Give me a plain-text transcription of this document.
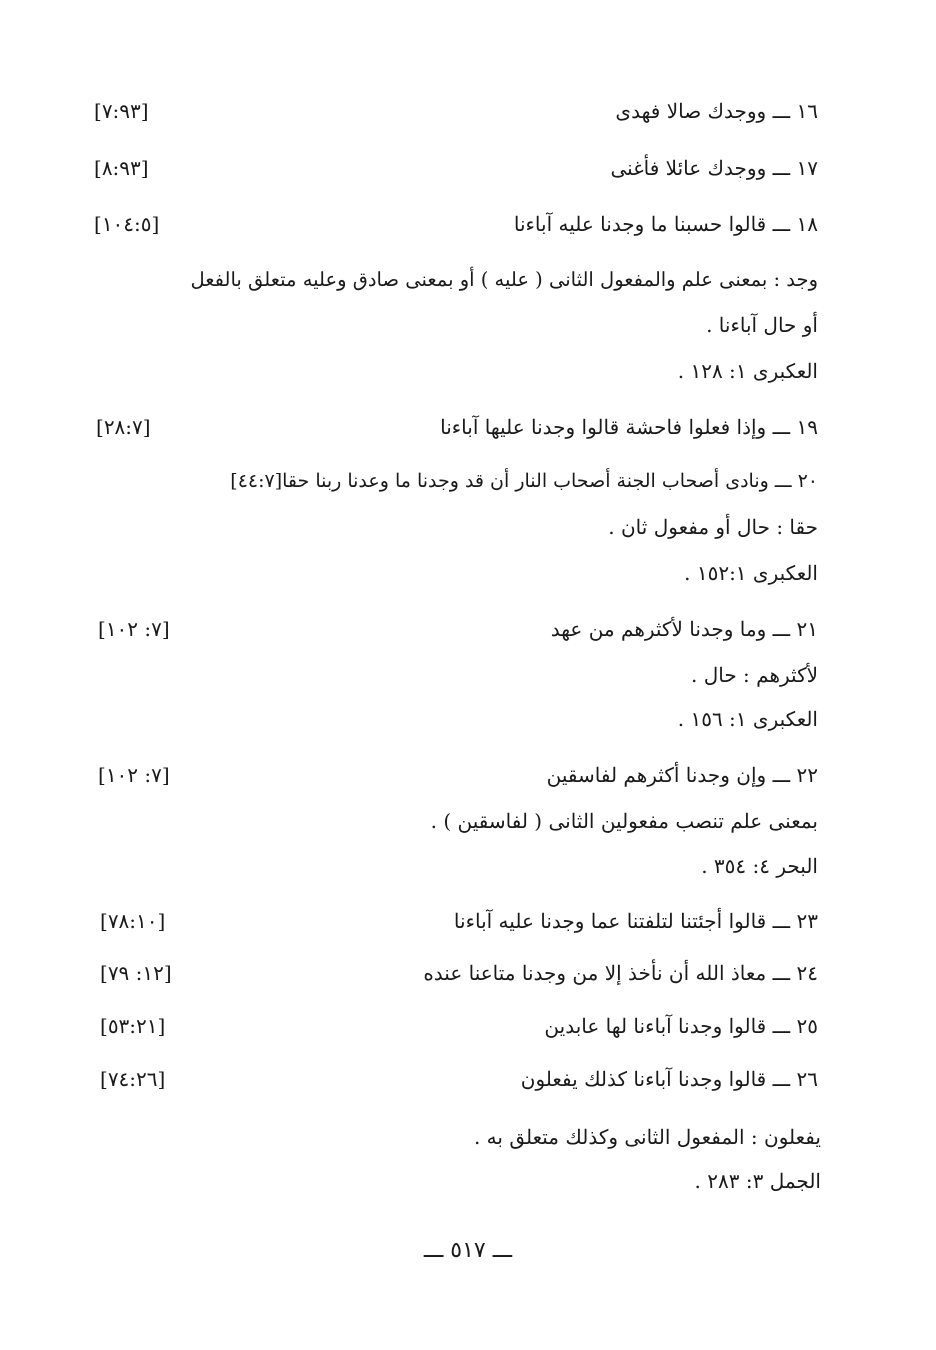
١٦ ـــ ووجدك صالا فهدى
[٧:٩٣]
١٧ ـــ ووجدك عائلا فأغنى
[٨:٩٣]
١٨ ـــ قالوا حسبنا ما وجدنا عليه آباءنا
[١٠٤:٥]
وجد : بمعنى علم والمفعول الثانى ( عليه ) أو بمعنى صادق وعليه متعلق بالفعل
أو حال آباءنا .
العكبرى ١: ١٢٨ .
١٩ ـــ وإذا فعلوا فاحشة قالوا وجدنا عليها آباءنا
[٢٨:٧]
٢٠ ـــ ونادى أصحاب الجنة أصحاب النار أن قد وجدنا ما وعدنا ربنا حقا[٤٤:٧]
حقا : حال أو مفعول ثان .
العكبرى ١٥٢:١ .
٢١ ـــ وما وجدنا لأكثرهم من عهد
[٧: ١٠٢]
لأكثرهم : حال .
العكبرى ١: ١٥٦ .
٢٢ ـــ وإن وجدنا أكثرهم لفاسقين
[٧: ١٠٢]
بمعنى علم تنصب مفعولين الثانى ( لفاسقين ) .
البحر ٤: ٣٥٤ .
٢٣ ـــ قالوا أجئتنا لتلفتنا عما وجدنا عليه آباءنا
[٧٨:١٠]
٢٤ ـــ معاذ الله أن نأخذ إلا من وجدنا متاعنا عنده
[١٢: ٧٩]
٢٥ ـــ قالوا وجدنا آباءنا لها عابدين
[٥٣:٢١]
٢٦ ـــ قالوا وجدنا آباءنا كذلك يفعلون
[٧٤:٢٦]
يفعلون : المفعول الثانى وكذلك متعلق به .
الجمل ٣: ٢٨٣ .
ـــ ٥١٧ ـــ
